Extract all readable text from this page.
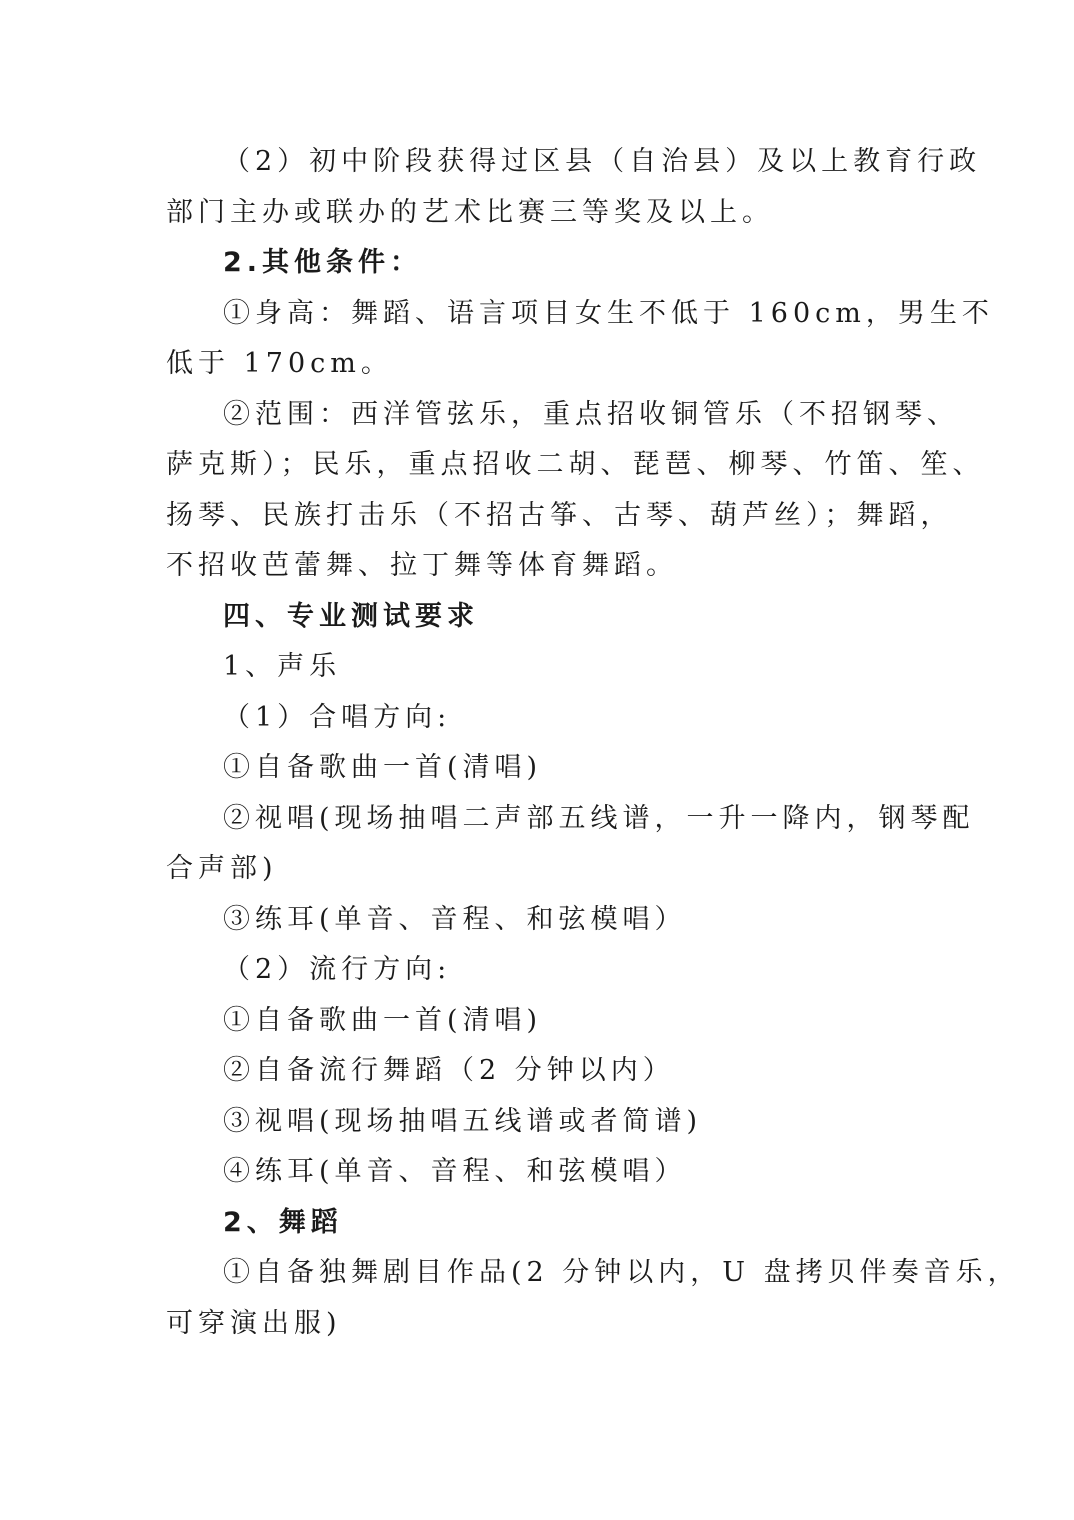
（2）初中阶段获得过区县（自治县）及以上教育行政

部门主办或联办的艺术比赛三等奖及以上。

2.其他条件：

①身高：舞蹈、语言项目女生不低于 160cm，男生不

低于 170cm。

②范围：西洋管弦乐，重点招收铜管乐（不招钢琴、

萨克斯）；民乐，重点招收二胡、琵琶、柳琴、竹笛、笙、

扬琴、民族打击乐（不招古筝、古琴、葫芦丝）；舞蹈，

不招收芭蕾舞、拉丁舞等体育舞蹈。

四、专业测试要求

1、声乐

（1）合唱方向:

①自备歌曲一首(清唱)

②视唱(现场抽唱二声部五线谱，一升一降内，钢琴配

合声部)

③练耳(单音、音程、和弦模唱）

（2）流行方向:

①自备歌曲一首(清唱)

②自备流行舞蹈（2 分钟以内）

③视唱(现场抽唱五线谱或者简谱)

④练耳(单音、音程、和弦模唱）

2、舞蹈

①自备独舞剧目作品(2 分钟以内，U 盘拷贝伴奏音乐，

可穿演出服)
